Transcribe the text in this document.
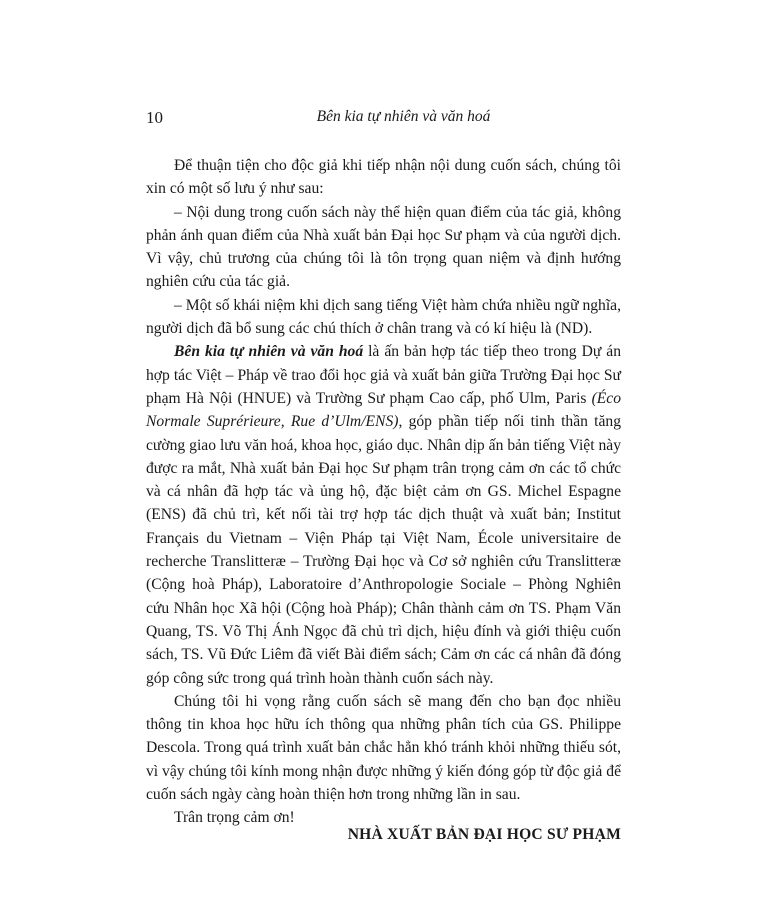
10	Bên kia tự nhiên và văn hoá

Để thuận tiện cho độc giả khi tiếp nhận nội dung cuốn sách, chúng tôi xin có một số lưu ý như sau:

– Nội dung trong cuốn sách này thể hiện quan điểm của tác giả, không phản ánh quan điểm của Nhà xuất bản Đại học Sư phạm và của người dịch. Vì vậy, chủ trương của chúng tôi là tôn trọng quan niệm và định hướng nghiên cứu của tác giả.

– Một số khái niệm khi dịch sang tiếng Việt hàm chứa nhiều ngữ nghĩa, người dịch đã bổ sung các chú thích ở chân trang và có kí hiệu là (ND).

Bên kia tự nhiên và văn hoá là ấn bản hợp tác tiếp theo trong Dự án hợp tác Việt – Pháp về trao đổi học giả và xuất bản giữa Trường Đại học Sư phạm Hà Nội (HNUE) và Trường Sư phạm Cao cấp, phố Ulm, Paris (Éco Normale Suprérieure, Rue d’Ulm/ENS), góp phần tiếp nối tinh thần tăng cường giao lưu văn hoá, khoa học, giáo dục. Nhân dịp ấn bản tiếng Việt này được ra mắt, Nhà xuất bản Đại học Sư phạm trân trọng cảm ơn các tổ chức và cá nhân đã hợp tác và ủng hộ, đặc biệt cảm ơn GS. Michel Espagne (ENS) đã chủ trì, kết nối tài trợ hợp tác dịch thuật và xuất bản; Institut Français du Vietnam – Viện Pháp tại Việt Nam, École universitaire de recherche Translitteræ – Trường Đại học và Cơ sở nghiên cứu Translitteræ (Cộng hoà Pháp), Laboratoire d’Anthropologie Sociale – Phòng Nghiên cứu Nhân học Xã hội (Cộng hoà Pháp); Chân thành cảm ơn TS. Phạm Văn Quang, TS. Võ Thị Ánh Ngọc đã chủ trì dịch, hiệu đính và giới thiệu cuốn sách, TS. Vũ Đức Liêm đã viết Bài điểm sách; Cảm ơn các cá nhân đã đóng góp công sức trong quá trình hoàn thành cuốn sách này.

Chúng tôi hi vọng rằng cuốn sách sẽ mang đến cho bạn đọc nhiều thông tin khoa học hữu ích thông qua những phân tích của GS. Philippe Descola. Trong quá trình xuất bản chắc hẳn khó tránh khỏi những thiếu sót, vì vậy chúng tôi kính mong nhận được những ý kiến đóng góp từ độc giả để cuốn sách ngày càng hoàn thiện hơn trong những lần in sau.

Trân trọng cảm ơn!

NHÀ XUẤT BẢN ĐẠI HỌC SƯ PHẠM
